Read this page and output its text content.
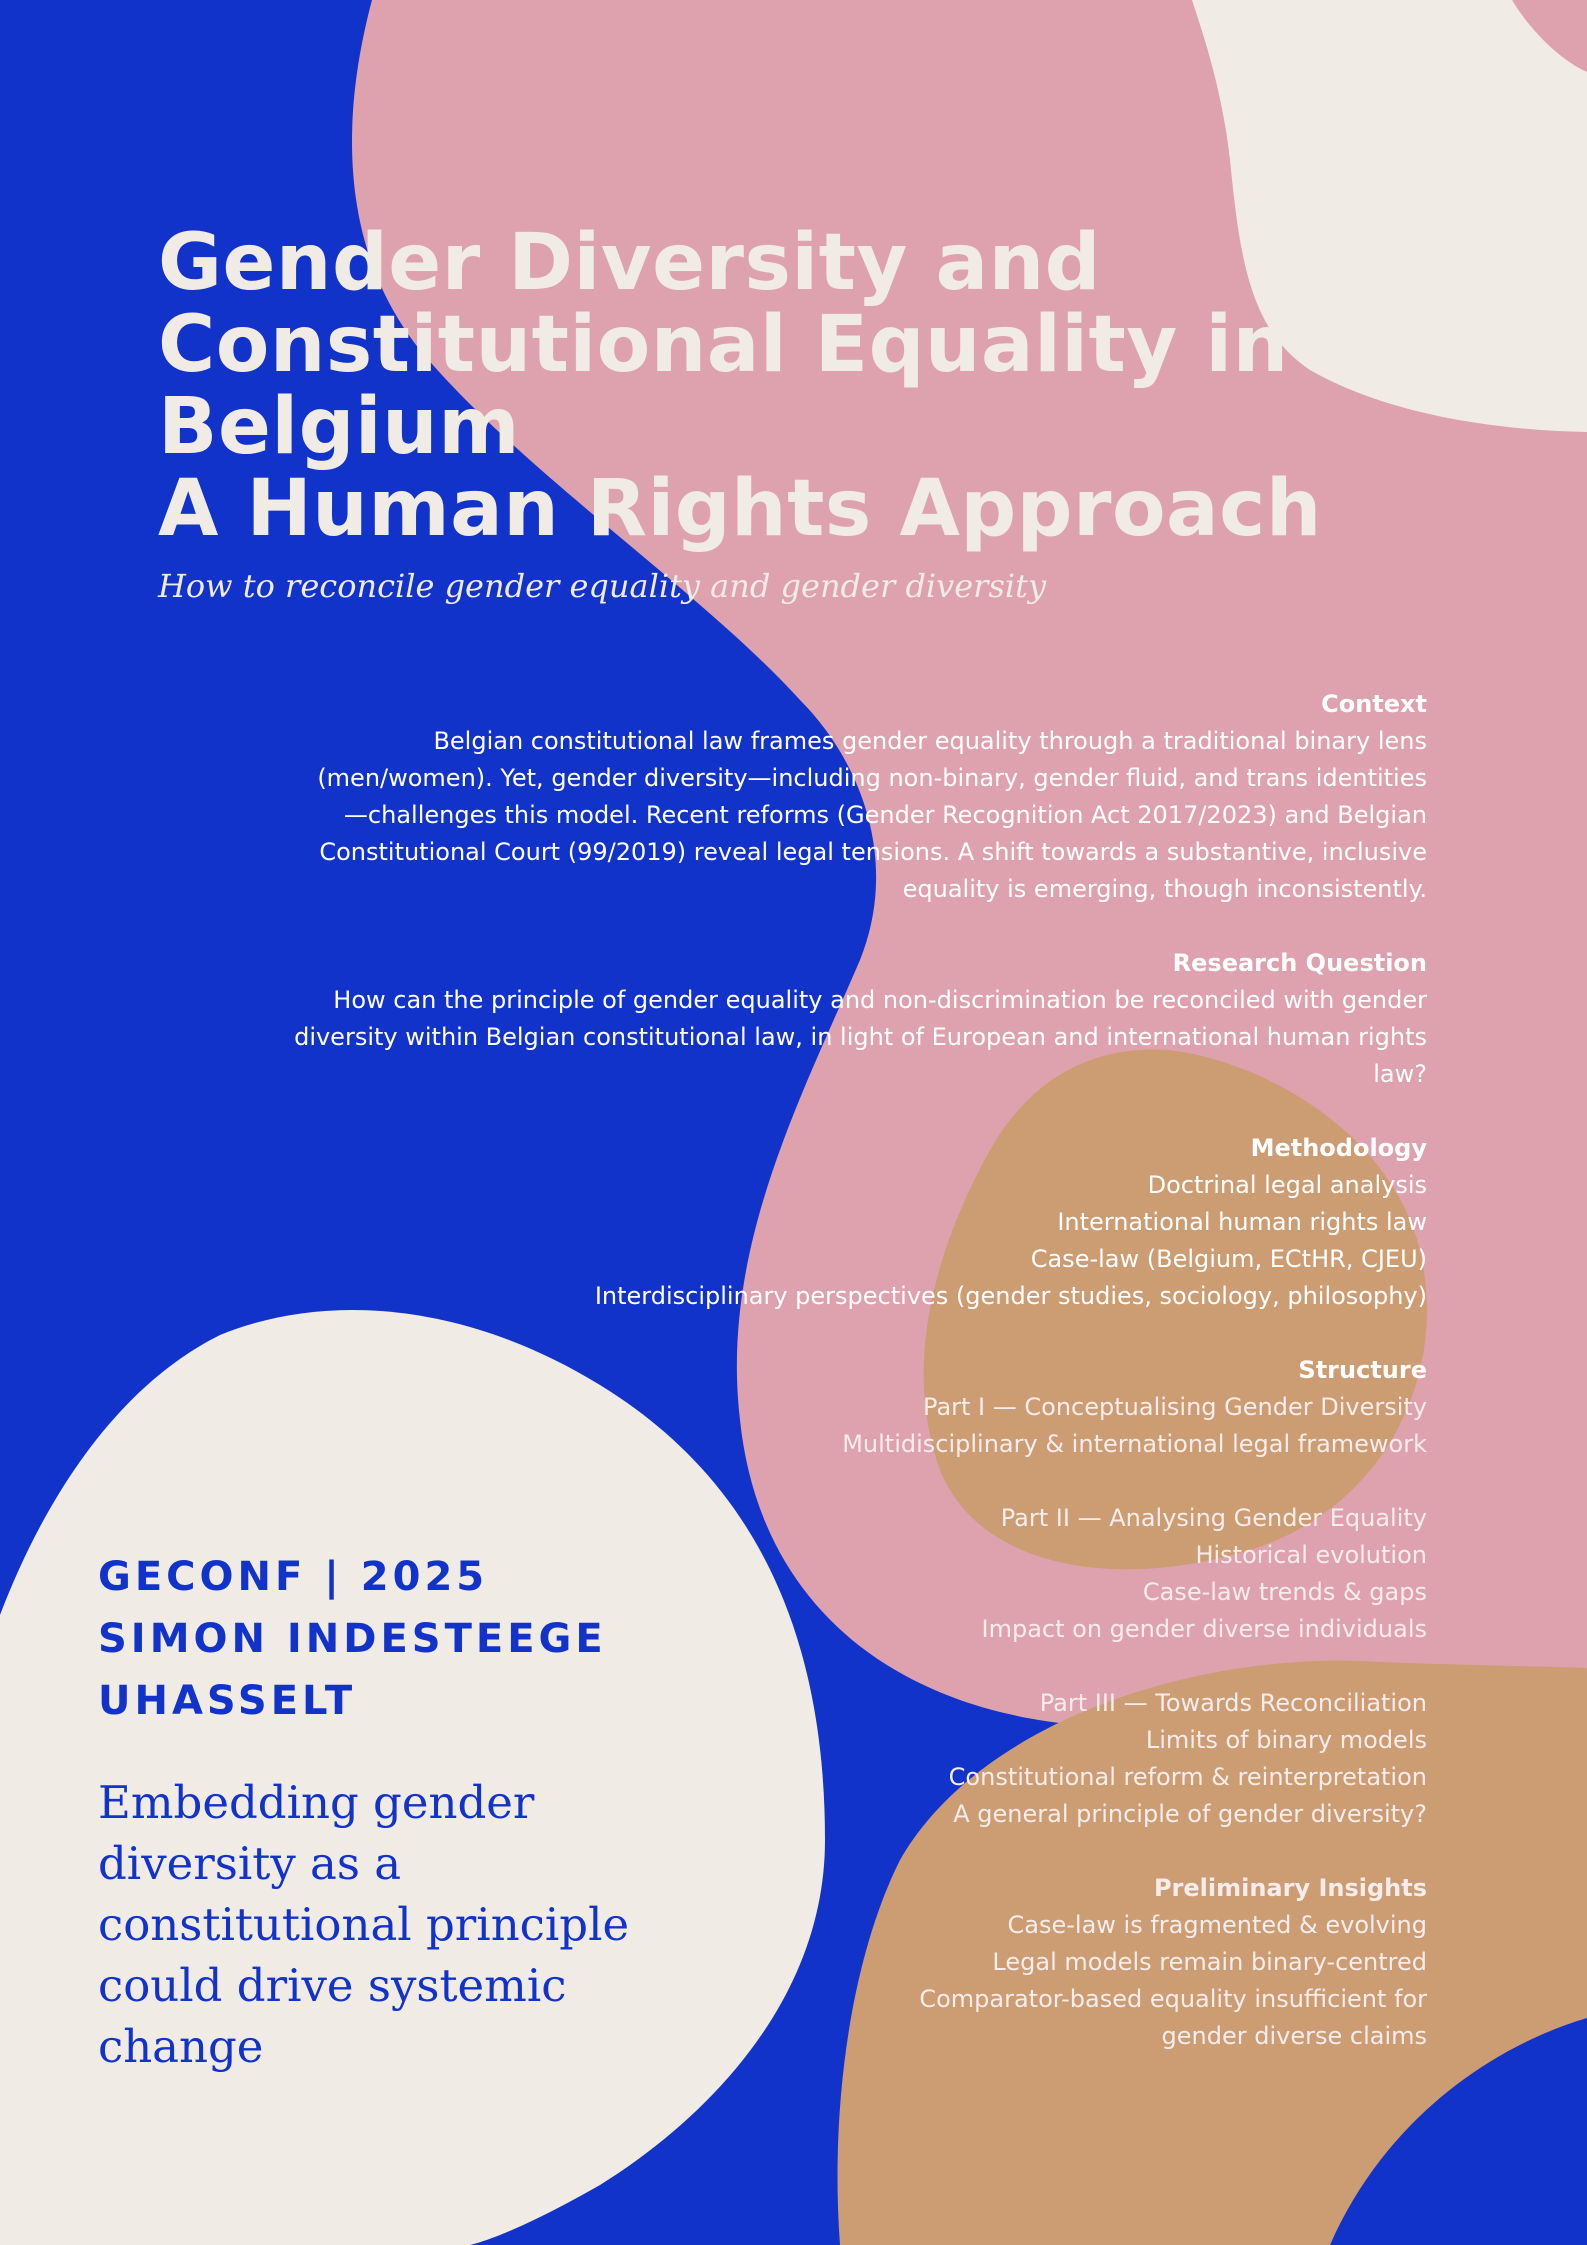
Gender Diversity and
Constitutional Equality in
Belgium
A Human Rights Approach
How to reconcile gender equality and gender diversity
Context

Belgian constitutional law frames gender equality through a traditional binary lens
(men/women). Yet, gender diversity—including non-binary, gender fluid, and trans identities
—challenges this model. Recent reforms (Gender Recognition Act 2017/2023) and Belgian
Constitutional Court (99/2019) reveal legal tensions. A shift towards a substantive, inclusive
equality is emerging, though inconsistently.

Research Question

How can the principle of gender equality and non-discrimination be reconciled with gender
diversity within Belgian constitutional law, in light of European and international human rights
law?

Methodology

Doctrinal legal analysis
International human rights law
Case-law (Belgium, ECtHR, CJEU)
Interdisciplinary perspectives (gender studies, sociology, philosophy)

Structure
Part I — Conceptualising Gender Diversity
Multidisciplinary & international legal framework
Part II — Analysing Gender Equality
Historical evolution
Case-law trends & gaps
Impact on gender diverse individuals
Part III — Towards Reconciliation
Limits of binary models
Constitutional reform & reinterpretation
A general principle of gender diversity?
Preliminary Insights

Case-law is fragmented & evolving
Legal models remain binary-centred
Comparator-based equality insufficient for
gender diverse claims

GECONF | 2025
SIMON INDESTEEGE
UHASSELT
Embedding gender
diversity as a
constitutional principle
could drive systemic
change
